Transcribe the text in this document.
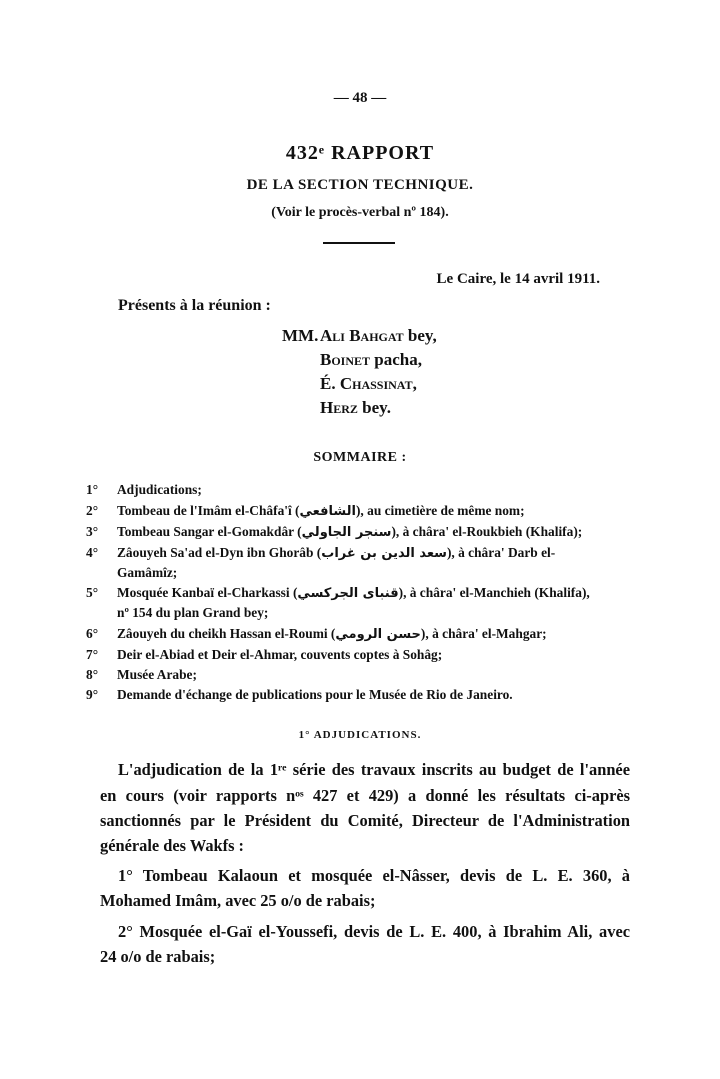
— 48 —
432ᵉ RAPPORT
DE LA SECTION TECHNIQUE.
(Voir le procès-verbal nº 184).
Le Caire, le 14 avril 1911.
Présents à la réunion :
MM. Ali Bahgat bey,
Boinet pacha,
É. Chassinat,
Herz bey.
SOMMAIRE :
1° Adjudications;
2° Tombeau de l'Imâm el-Châfa'î (الشافعي), au cimetière de même nom;
3° Tombeau Sangar el-Gomakdâr (سنجر الجاولي), à châra' el-Roukbieh (Khalifa);
4° Zâouyeh Sa'ad el-Dyn ibn Ghorâb (سعد الدين بن غراب), à châra' Darb el-
Gamâmîz;
5° Mosquée Kanbaï el-Charkassi (قنباى الجركسي), à châra' el-Manchieh (Khalifa),
nº 154 du plan Grand bey;
6° Zâouyeh du cheikh Hassan el-Roumi (حسن الرومي), à châra' el-Mahgar;
7° Deir el-Abiad et Deir el-Ahmar, couvents coptes à Sohâg;
8° Musée Arabe;
9° Demande d'échange de publications pour le Musée de Rio de Janeiro.
1° ADJUDICATIONS.
L'adjudication de la 1ʳᵉ série des travaux inscrits au budget de l'année
en cours (voir rapports nᵒˢ 427 et 429) a donné les résultats ci-après
sanctionnés par le Président du Comité, Directeur de l'Administration
générale des Wakfs :
1° Tombeau Kalaoun et mosquée el-Nâsser, devis de L. E. 360, à
Mohamed Imâm, avec 25 o/o de rabais;
2° Mosquée el-Gaï el-Youssefi, devis de L. E. 400, à Ibrahim Ali, avec
24 o/o de rabais;
